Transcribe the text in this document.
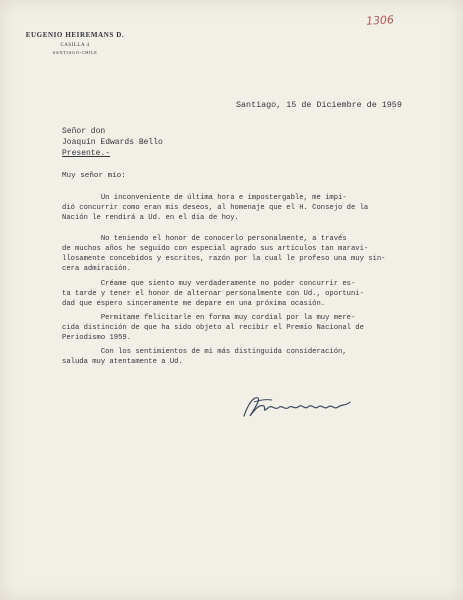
EUGENIO HEIREMANS D.
CASILLA 4
SANTIAGO-CHILE
1306
Santiago, 15 de Diciembre de 1959
Señor don
Joaquín Edwards Bello
Presente.-
Muy señor mío:
Un inconveniente de última hora e impostergable, me impi-
dió concurrir como eran mis deseos, al homenaje que el H. Consejo de la
Nación le rendirá a Ud. en el día de hoy.
No teniendo el honor de conocerlo personalmente, a través
de muchos años he seguido con especial agrado sus artículos tan maravi-
llosamente concebidos y escritos, razón por la cual le profeso una muy sin-
cera admiración.
Créame que siento muy verdaderamente no poder concurrir es-
ta tarde y tener el honor de alternar personalmente con Ud., oportuni-
dad que espero sinceramente me depare en una próxima ocasión.
Permítame felicitarle en forma muy cordial por la muy mere-
cida distinción de que ha sido objeto al recibir el Premio Nacional de
Periodismo 1959.
Con los sentimientos de mi más distinguida consideración,
saluda muy atentamente a Ud.
